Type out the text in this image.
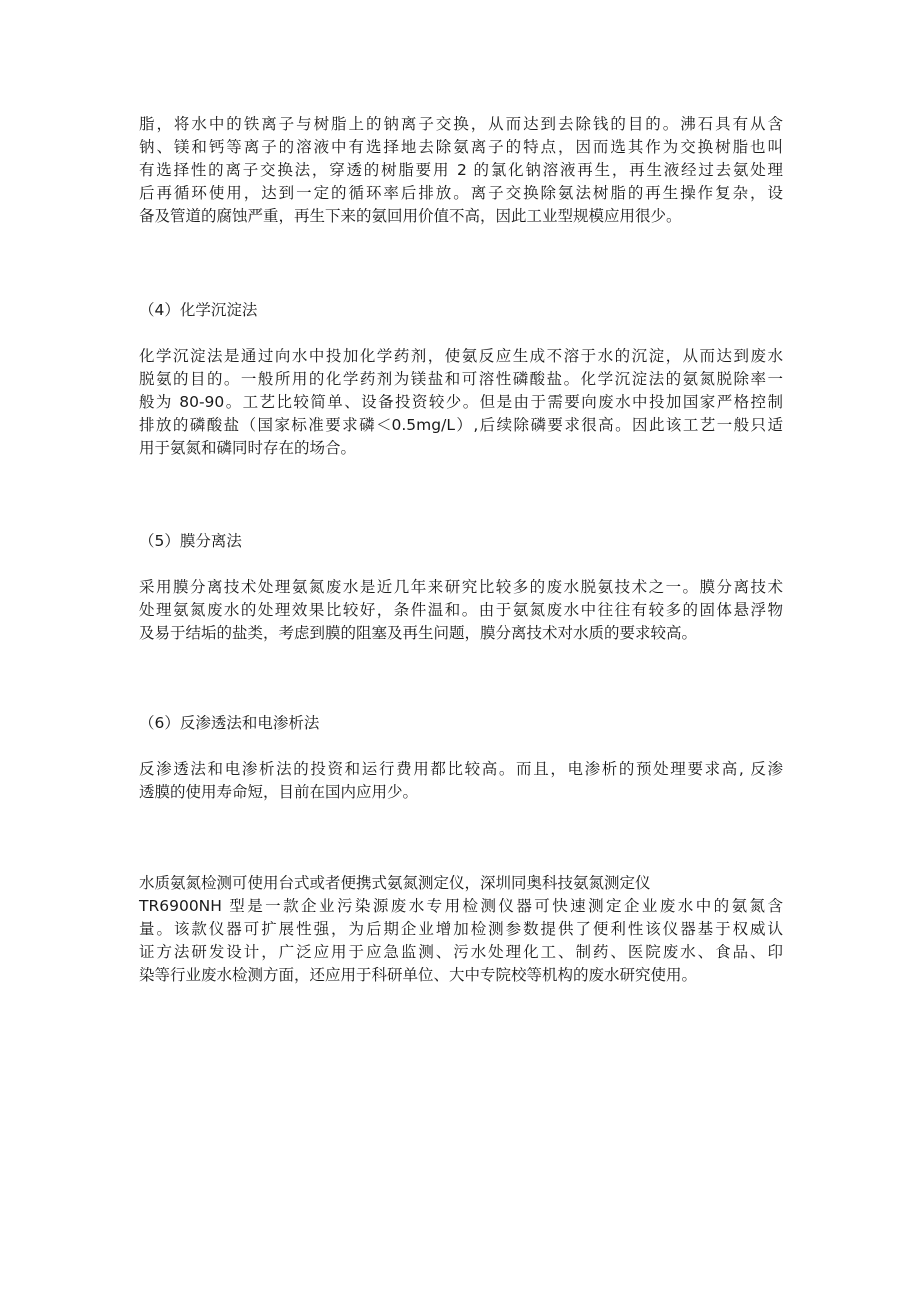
脂，将水中的铁离子与树脂上的钠离子交换，从而达到去除钱的目的。沸石具有从含
钠、镁和钙等离子的溶液中有选择地去除氨离子的特点，因而选其作为交换树脂也叫
有选择性的离子交换法，穿透的树脂要用 2 的氯化钠溶液再生，再生液经过去氨处理
后再循环使用，达到一定的循环率后排放。离子交换除氨法树脂的再生操作复杂，设
备及管道的腐蚀严重，再生下来的氨回用价值不高，因此工业型规模应用很少。
（4）化学沉淀法
化学沉淀法是通过向水中投加化学药剂，使氨反应生成不溶于水的沉淀，从而达到废水
脱氨的目的。一般所用的化学药剂为镁盐和可溶性磷酸盐。化学沉淀法的氨氮脱除率一
般为 80-90。工艺比较简单、设备投资较少。但是由于需要向废水中投加国家严格控制
排放的磷酸盐（国家标准要求磷＜0.5mg/L）,后续除磷要求很高。因此该工艺一般只适
用于氨氮和磷同时存在的场合。
（5）膜分离法
采用膜分离技术处理氨氮废水是近几年来研究比较多的废水脱氨技术之一。膜分离技术
处理氨氮废水的处理效果比较好，条件温和。由于氨氮废水中往往有较多的固体悬浮物
及易于结垢的盐类，考虑到膜的阻塞及再生问题，膜分离技术对水质的要求较高。
（6）反渗透法和电渗析法
反渗透法和电渗析法的投资和运行费用都比较高。而且，电渗析的预处理要求高, 反渗
透膜的使用寿命短，目前在国内应用少。
水质氨氮检测可使用台式或者便携式氨氮测定仪，深圳同奥科技氨氮测定仪
TR6900NH 型是一款企业污染源废水专用检测仪器可快速测定企业废水中的氨氮含
量。该款仪器可扩展性强，为后期企业增加检测参数提供了便利性该仪器基于权威认
证方法研发设计，广泛应用于应急监测、污水处理化工、制药、医院废水、食品、印
染等行业废水检测方面，还应用于科研单位、大中专院校等机构的废水研究使用。
